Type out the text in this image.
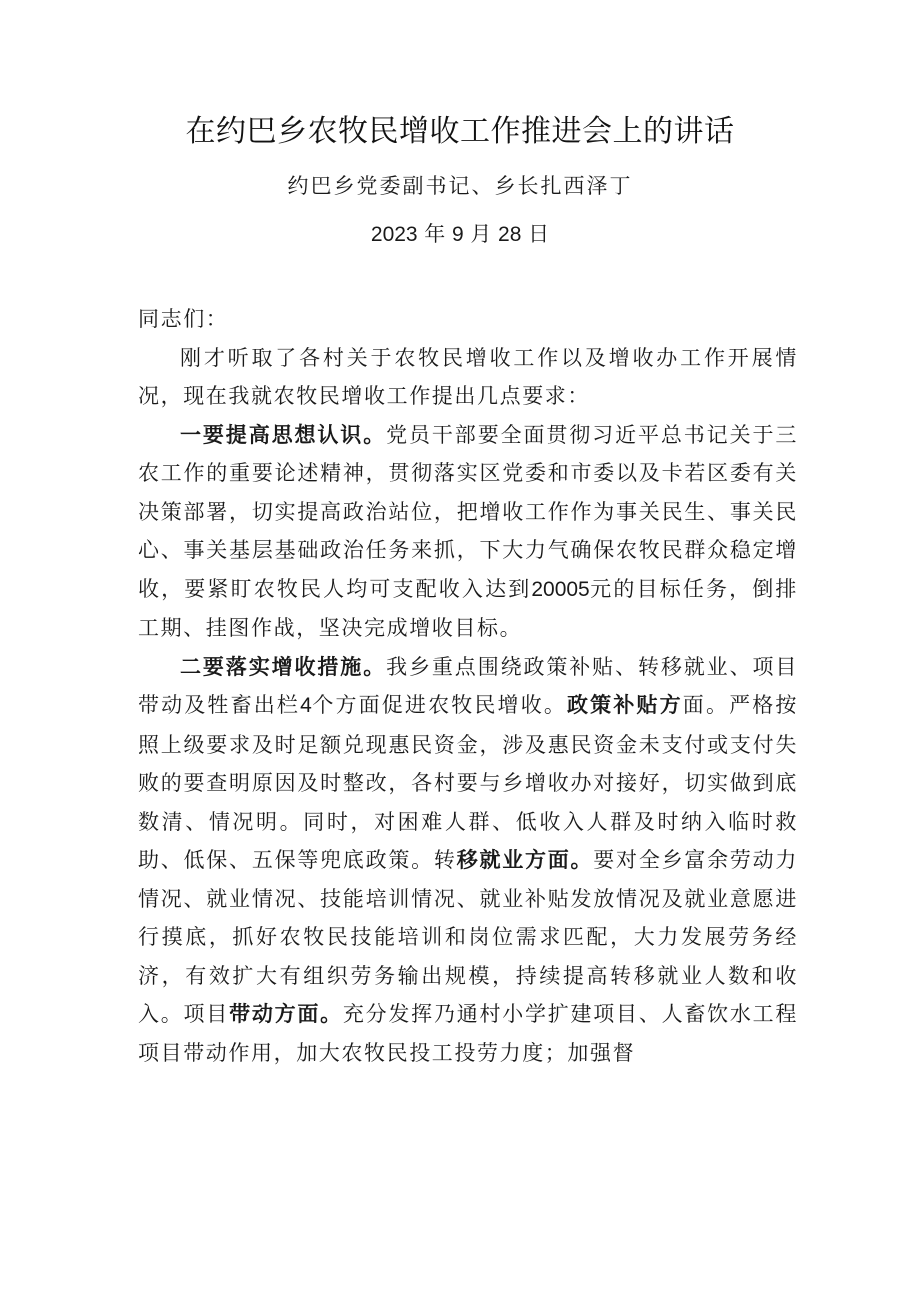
在约巴乡农牧民增收工作推进会上的讲话
约巴乡党委副书记、乡长扎西泽丁
2023 年 9 月 28 日

同志们：

刚才听取了各村关于农牧民增收工作以及增收办工作开展情况，现在我就农牧民增收工作提出几点要求：

一要提高思想认识。党员干部要全面贯彻习近平总书记关于三农工作的重要论述精神，贯彻落实区党委和市委以及卡若区委有关决策部署，切实提高政治站位，把增收工作作为事关民生、事关民心、事关基层基础政治任务来抓，下大力气确保农牧民群众稳定增收，要紧盯农牧民人均可支配收入达到20005元的目标任务，倒排工期、挂图作战，坚决完成增收目标。

二要落实增收措施。我乡重点围绕政策补贴、转移就业、项目带动及牲畜出栏4个方面促进农牧民增收。政策补贴方面。严格按照上级要求及时足额兑现惠民资金，涉及惠民资金未支付或支付失败的要查明原因及时整改，各村要与乡增收办对接好，切实做到底数清、情况明。同时，对困难人群、低收入人群及时纳入临时救助、低保、五保等兜底政策。转移就业方面。要对全乡富余劳动力情况、就业情况、技能培训情况、就业补贴发放情况及就业意愿进行摸底，抓好农牧民技能培训和岗位需求匹配，大力发展劳务经济，有效扩大有组织劳务输出规模，持续提高转移就业人数和收入。项目带动方面。充分发挥乃通村小学扩建项目、人畜饮水工程项目带动作用，加大农牧民投工投劳力度；加强督
